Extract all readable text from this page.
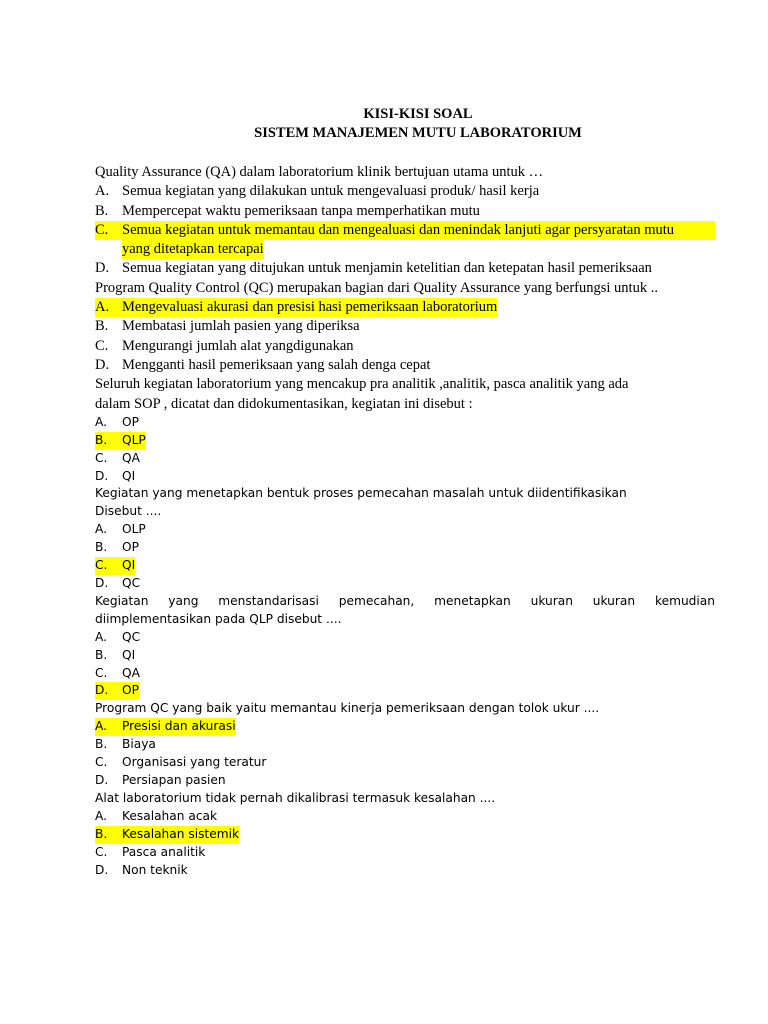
KISI-KISI SOAL
SISTEM MANAJEMEN MUTU LABORATORIUM

Quality Assurance (QA) dalam laboratorium klinik bertujuan utama untuk …

A. Semua kegiatan yang dilakukan untuk mengevaluasi produk/ hasil kerja
B. Mempercepat waktu pemeriksaan tanpa memperhatikan mutu
C. Semua kegiatan untuk memantau dan mengealuasi dan menindak lanjuti agar persyaratan mutu
yang ditetapkan tercapai
D. Semua kegiatan yang ditujukan untuk menjamin ketelitian dan ketepatan hasil pemeriksaan

Program Quality Control (QC) merupakan bagian dari Quality Assurance yang berfungsi untuk ..

A. Mengevaluasi akurasi dan presisi hasi pemeriksaan laboratorium
B. Membatasi jumlah pasien yang diperiksa
C. Mengurangi jumlah alat yangdigunakan
D. Mengganti hasil pemeriksaan yang salah denga cepat

Seluruh kegiatan laboratorium yang mencakup pra analitik ,analitik, pasca analitik yang ada

dalam SOP , dicatat dan didokumentasikan, kegiatan ini disebut :

A.	OP
B.	QLP
C.	QA
D.	QI

Kegiatan yang menetapkan bentuk proses pemecahan masalah untuk diidentifikasikan

Disebut ....

A.	OLP
B.	OP
C.	QI
D.	QC

Kegiatan yang menstandarisasi pemecahan, menetapkan ukuran ukuran kemudian

diimplementasikan pada QLP disebut ....

A.	QC
B.	QI
C.	QA
D.	OP

Program QC yang baik yaitu memantau kinerja pemeriksaan dengan tolok ukur ....

A.	Presisi dan akurasi
B.	Biaya
C.	Organisasi yang teratur
D.	Persiapan pasien

Alat laboratorium tidak pernah dikalibrasi termasuk kesalahan ....

A.	Kesalahan acak
B.	Kesalahan sistemik
C.	Pasca analitik
D.	Non teknik
